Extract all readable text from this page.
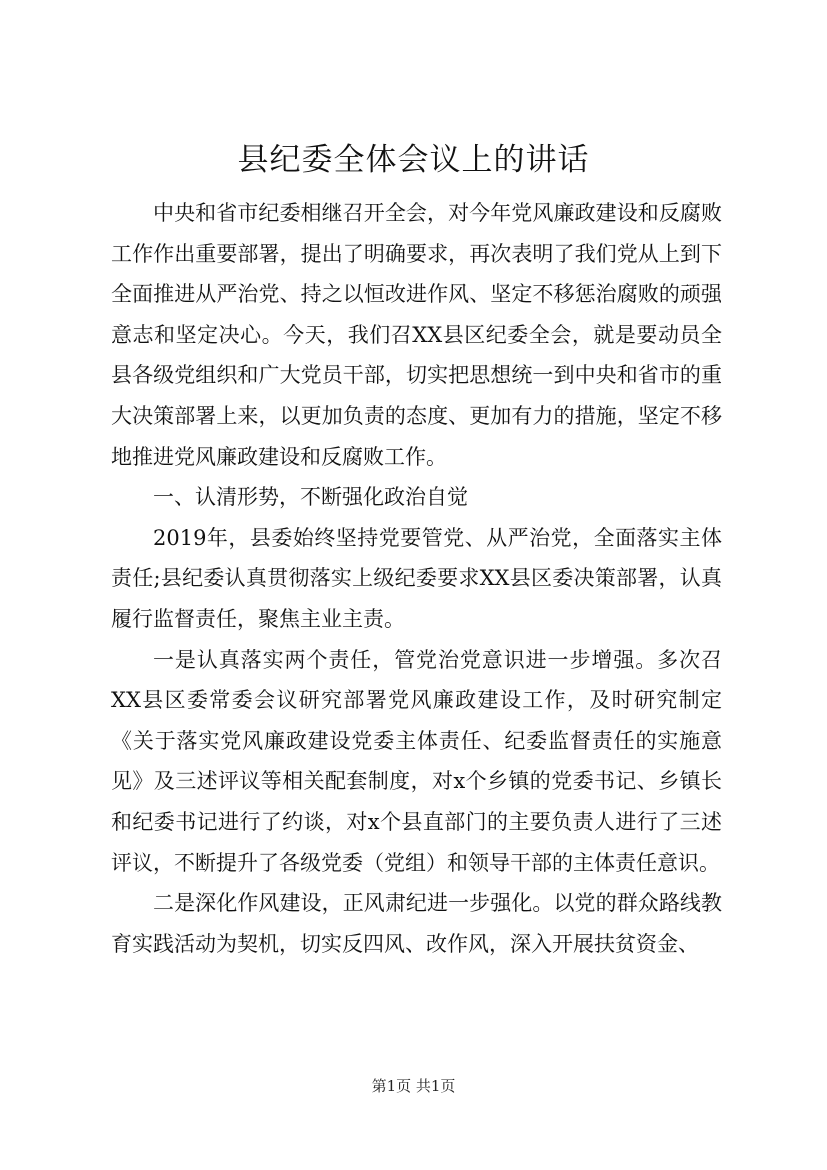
县纪委全体会议上的讲话

中央和省市纪委相继召开全会，对今年党风廉政建设和反腐败工作作出重要部署，提出了明确要求，再次表明了我们党从上到下全面推进从严治党、持之以恒改进作风、坚定不移惩治腐败的顽强意志和坚定决心。今天，我们召XX县区纪委全会，就是要动员全县各级党组织和广大党员干部，切实把思想统一到中央和省市的重大决策部署上来，以更加负责的态度、更加有力的措施，坚定不移地推进党风廉政建设和反腐败工作。

一、认清形势，不断强化政治自觉

2019年，县委始终坚持党要管党、从严治党，全面落实主体责任;县纪委认真贯彻落实上级纪委要求XX县区委决策部署，认真履行监督责任，聚焦主业主责。

一是认真落实两个责任，管党治党意识进一步增强。多次召XX县区委常委会议研究部署党风廉政建设工作，及时研究制定《关于落实党风廉政建设党委主体责任、纪委监督责任的实施意见》及三述评议等相关配套制度，对x个乡镇的党委书记、乡镇长和纪委书记进行了约谈，对x个县直部门的主要负责人进行了三述评议，不断提升了各级党委（党组）和领导干部的主体责任意识。

二是深化作风建设，正风肃纪进一步强化。以党的群众路线教育实践活动为契机，切实反四风、改作风，深入开展扶贫资金、

第1页 共1页
